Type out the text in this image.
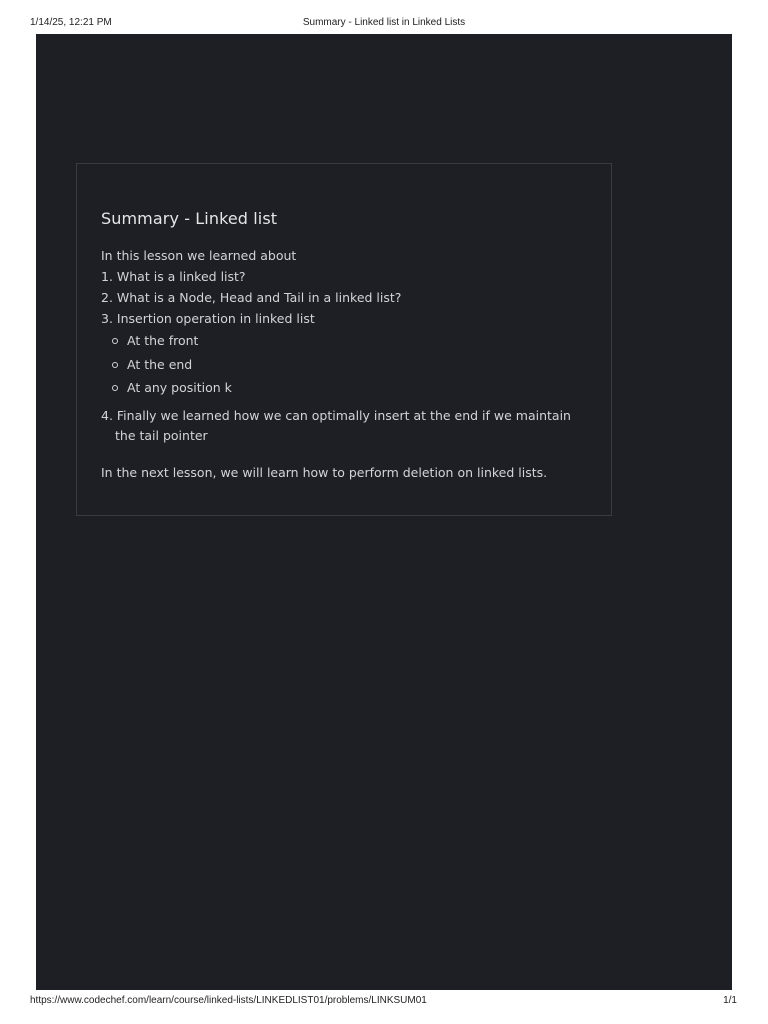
1/14/25, 12:21 PM	Summary - Linked list in Linked Lists
Summary - Linked list
In this lesson we learned about
1. What is a linked list?
2. What is a Node, Head and Tail in a linked list?
3. Insertion operation in linked list
At the front
At the end
At any position k
4. Finally we learned how we can optimally insert at the end if we maintain the tail pointer
In the next lesson, we will learn how to perform deletion on linked lists.
https://www.codechef.com/learn/course/linked-lists/LINKEDLIST01/problems/LINKSUM01	1/1
